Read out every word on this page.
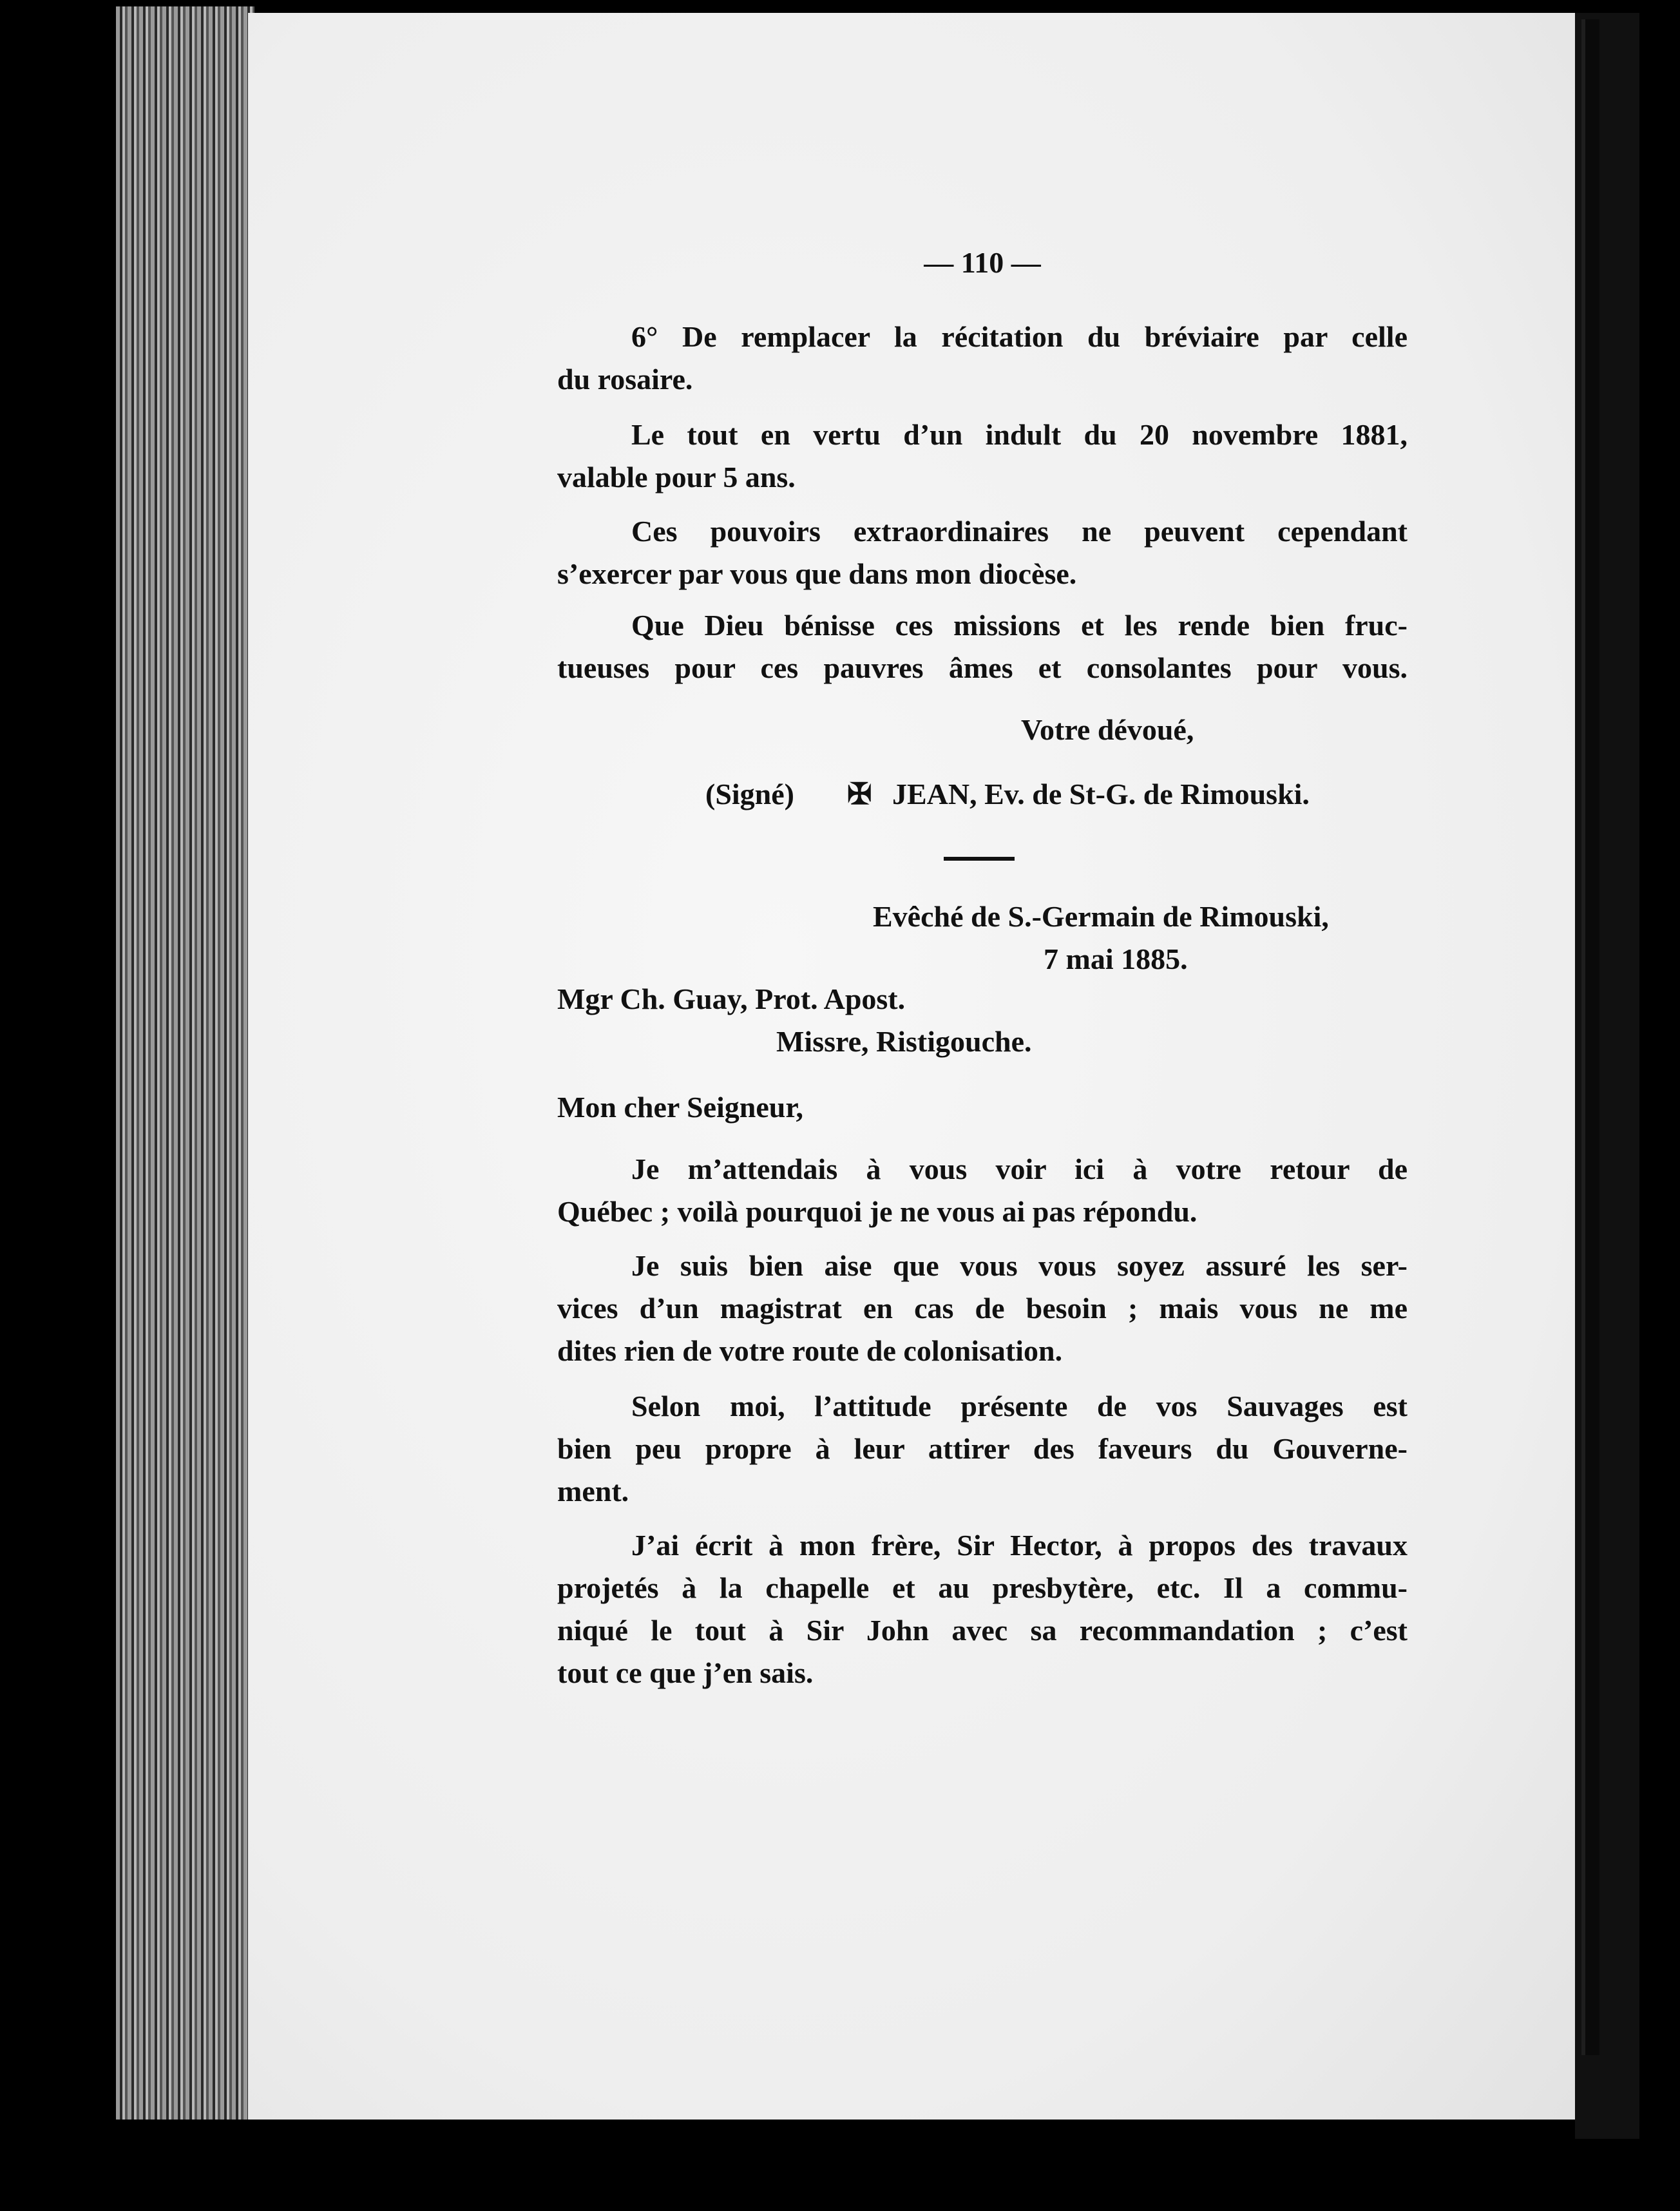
— 110 —
6° De remplacer la récitation du bréviaire par celle
du rosaire.
Le tout en vertu d’un indult du 20 novembre 1881,
valable pour 5 ans.
Ces pouvoirs extraordinaires ne peuvent cependant
s’exercer par vous que dans mon diocèse.
Que Dieu bénisse ces missions et les rende bien fruc-
tueuses pour ces pauvres âmes et consolantes pour vous.
Votre dévoué,
(Signé) ✠ JEAN, Ev. de St-G. de Rimouski.
Evêché de S.-Germain de Rimouski,
7 mai 1885.
Mgr Ch. Guay, Prot. Apost.
Missre, Ristigouche.
Mon cher Seigneur,
Je m’attendais à vous voir ici à votre retour de
Québec ; voilà pourquoi je ne vous ai pas répondu.
Je suis bien aise que vous vous soyez assuré les ser-
vices d’un magistrat en cas de besoin ; mais vous ne me
dites rien de votre route de colonisation.
Selon moi, l’attitude présente de vos Sauvages est
bien peu propre à leur attirer des faveurs du Gouverne-
ment.
J’ai écrit à mon frère, Sir Hector, à propos des travaux
projetés à la chapelle et au presbytère, etc. Il a commu-
niqué le tout à Sir John avec sa recommandation ; c’est
tout ce que j’en sais.
